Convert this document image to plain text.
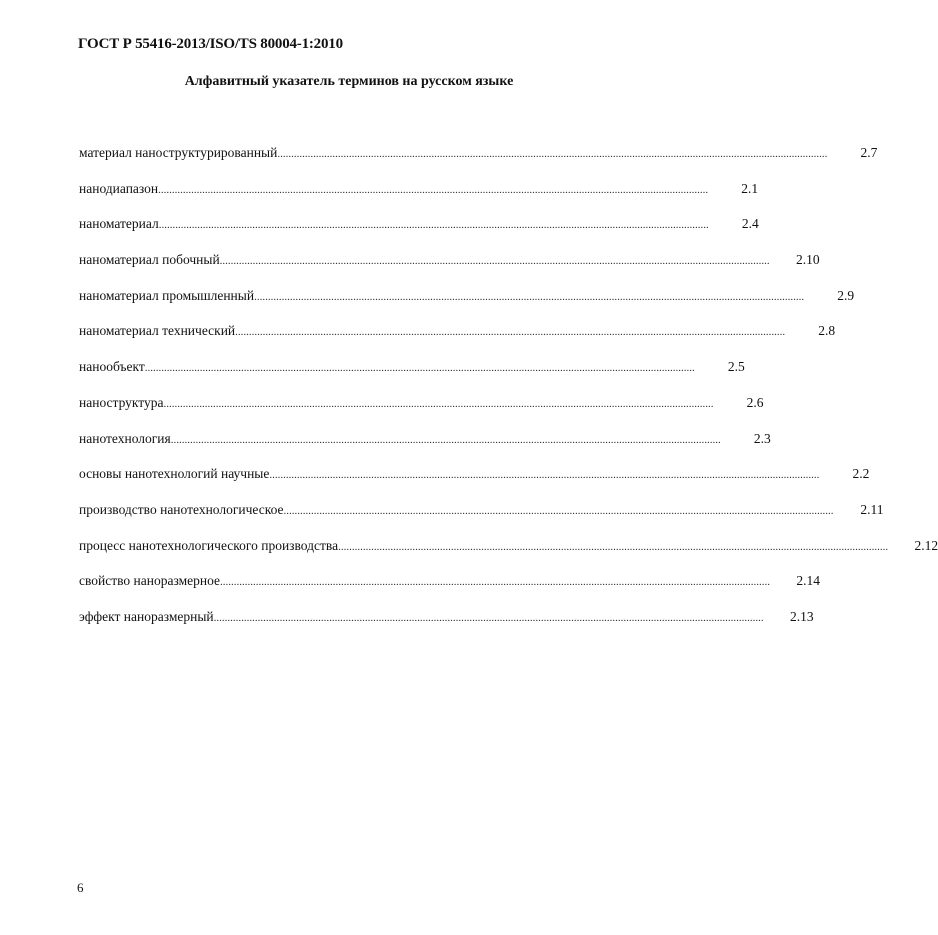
ГОСТ Р 55416-2013/ISO/TS 80004-1:2010
Алфавитный указатель терминов на русском языке
материал наноструктурированный ........................................................................................................................................................................................................	2.7
нанодиапазон ........................................................................................................................................................................................................	2.1
наноматериал ........................................................................................................................................................................................................	2.4
наноматериал побочный ........................................................................................................................................................................................................	2.10
наноматериал промышленный ........................................................................................................................................................................................................	2.9
наноматериал технический ........................................................................................................................................................................................................	2.8
нанообъект ........................................................................................................................................................................................................	2.5
наноструктура ........................................................................................................................................................................................................	2.6
нанотехнология ........................................................................................................................................................................................................	2.3
основы нанотехнологий научные ........................................................................................................................................................................................................	2.2
производство нанотехнологическое ........................................................................................................................................................................................................	2.11
процесс нанотехнологического производства ........................................................................................................................................................................................................	2.12
свойство наноразмерное ........................................................................................................................................................................................................	2.14
эффект наноразмерный ........................................................................................................................................................................................................	2.13
6
